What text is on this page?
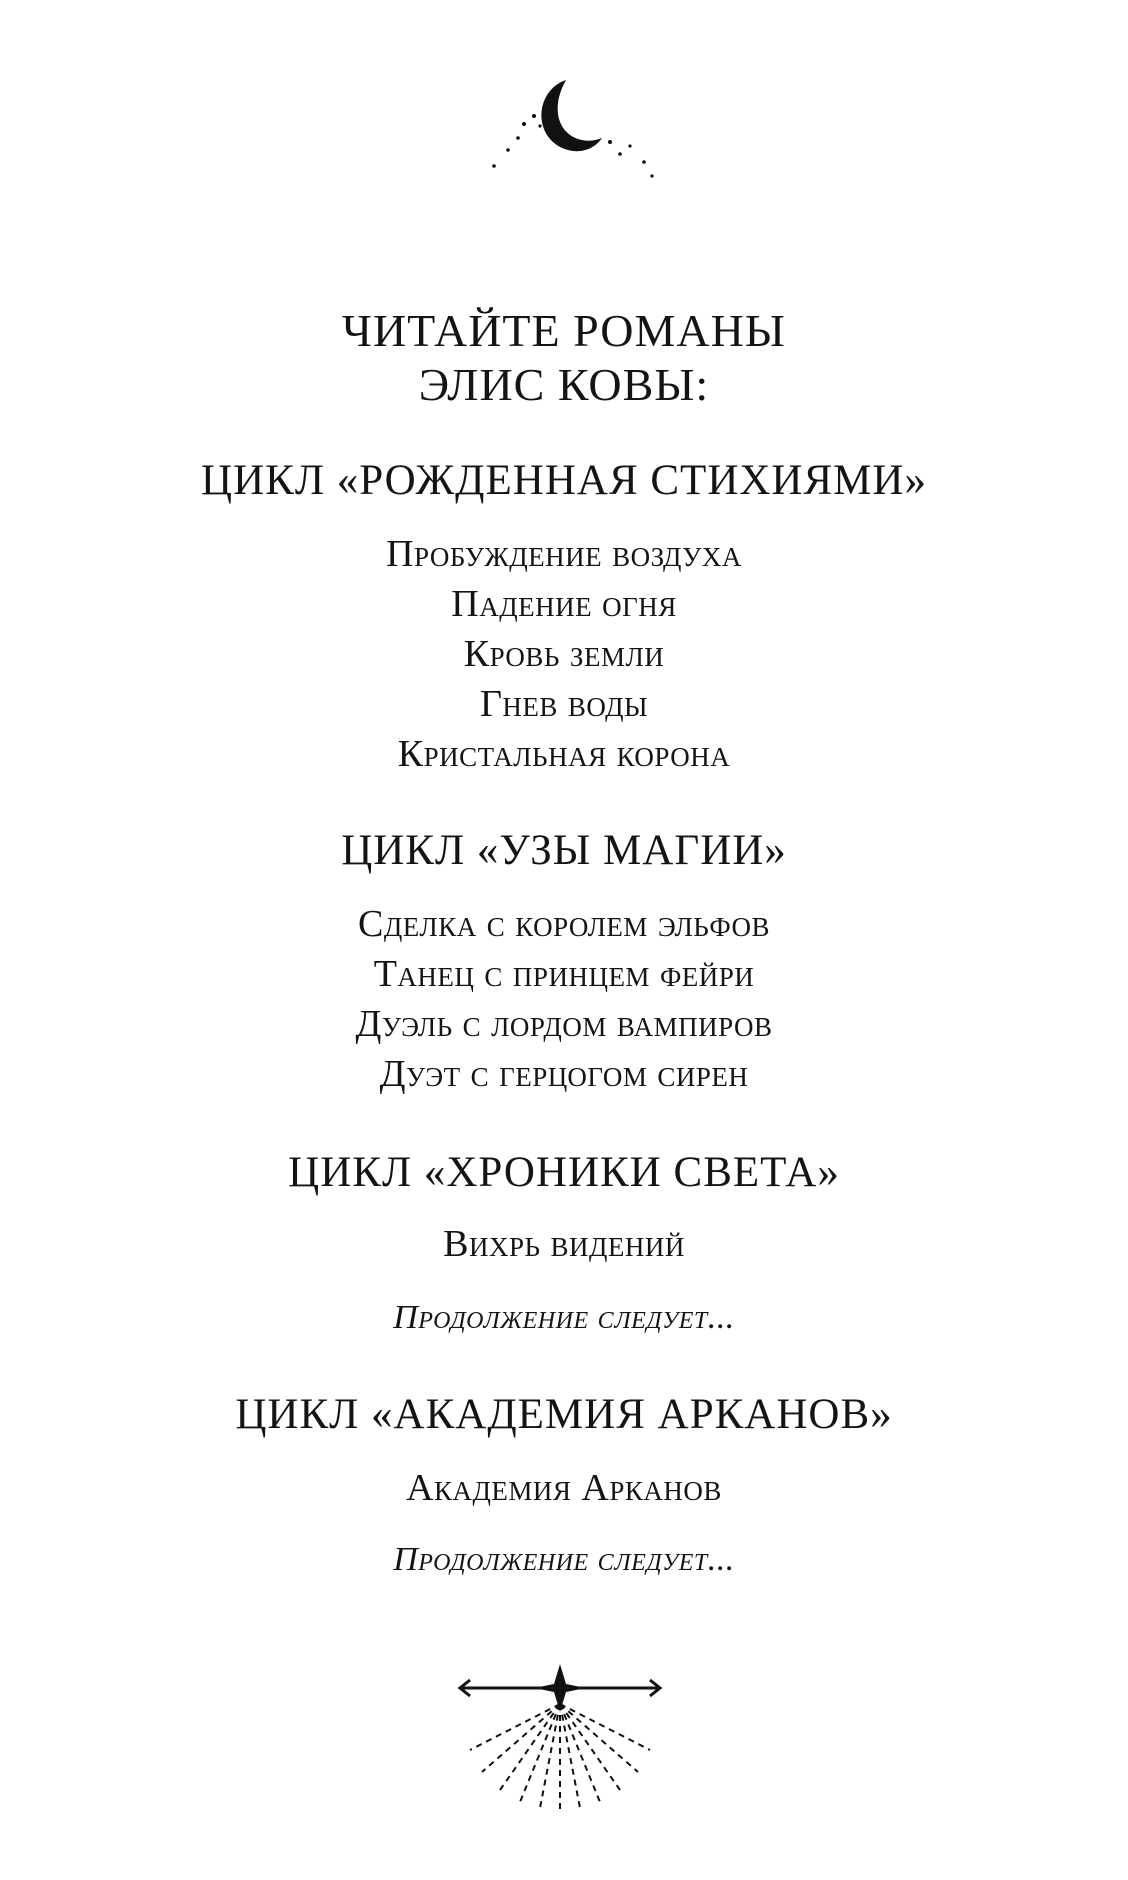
ЧИТАЙТЕ РОМАНЫ
ЭЛИС КОВЫ:
ЦИКЛ «РОЖДЕННАЯ СТИХИЯМИ»
Пробуждение воздуха
Падение огня
Кровь земли
Гнев воды
Кристальная корона
ЦИКЛ «УЗЫ МАГИИ»
Сделка с королем эльфов
Танец с принцем фейри
Дуэль с лордом вампиров
Дуэт с герцогом сирен
ЦИКЛ «ХРОНИКИ СВЕТА»
Вихрь видений
Продолжение следует...
ЦИКЛ «АКАДЕМИЯ АРКАНОВ»
Академия Арканов
Продолжение следует...
